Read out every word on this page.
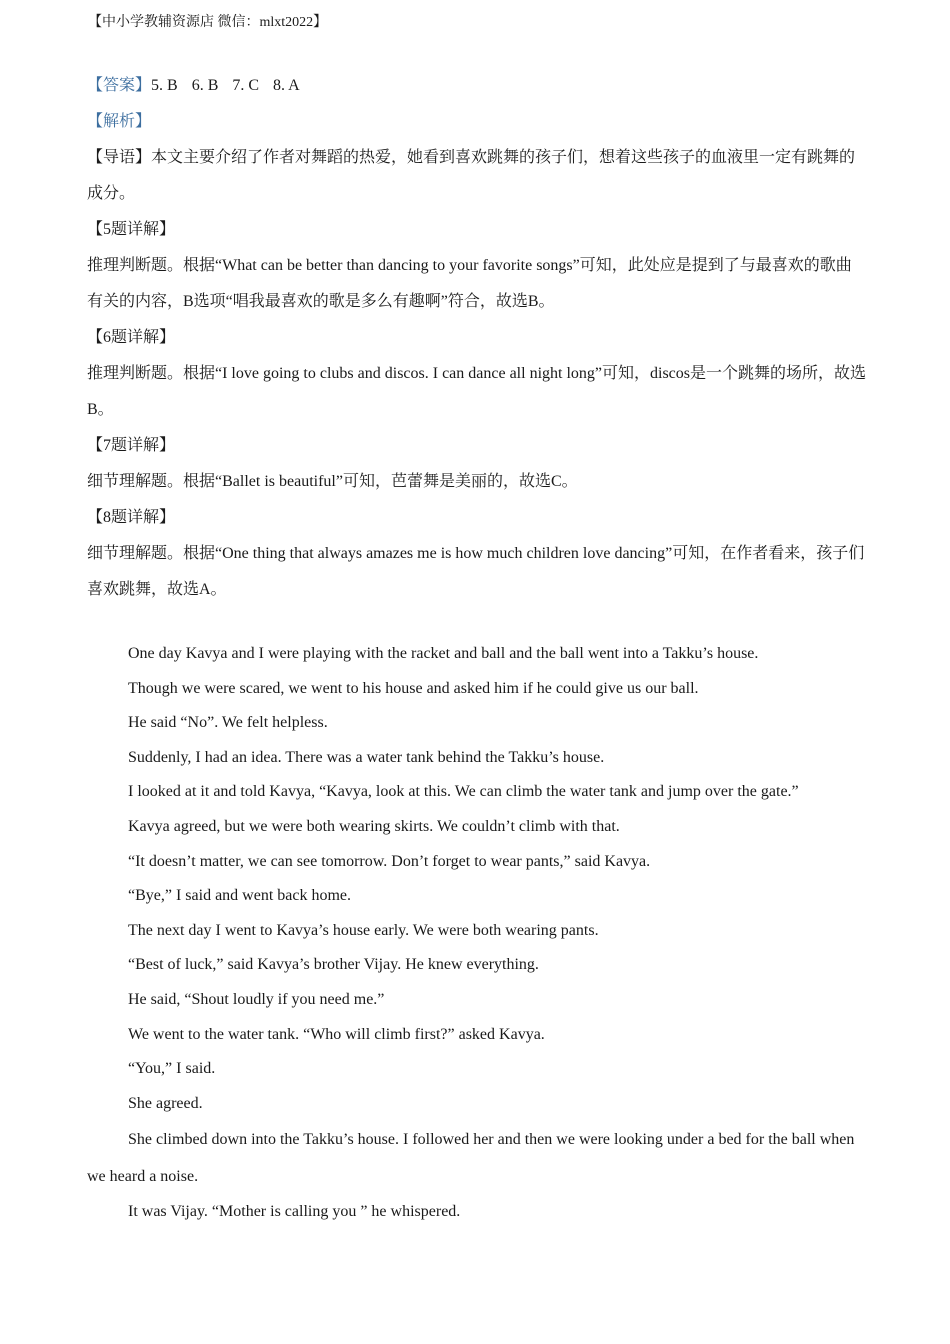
【中小学教辅资源店 微信：mlxt2022】
【答案】5. B 6. B 7. C 8. A

【解析】

【导语】本文主要介绍了作者对舞蹈的热爱，她看到喜欢跳舞的孩子们，想着这些孩子的血液里一定有跳舞的成分。

【5题详解】

推理判断题。根据“What can be better than dancing to your favorite songs”可知，此处应是提到了与最喜欢的歌曲有关的内容，B选项“唱我最喜欢的歌是多么有趣啊”符合，故选B。

【6题详解】

推理判断题。根据“I love going to clubs and discos. I can dance all night long”可知，discos是一个跳舞的场所，故选B。

【7题详解】

细节理解题。根据“Ballet is beautiful”可知，芭蕾舞是美丽的，故选C。

【8题详解】

细节理解题。根据“One thing that always amazes me is how much children love dancing”可知，在作者看来，孩子们喜欢跳舞，故选A。

One day Kavya and I were playing with the racket and ball and the ball went into a Takku’s house.

Though we were scared, we went to his house and asked him if he could give us our ball.

He said “No”. We felt helpless.

Suddenly, I had an idea. There was a water tank behind the Takku’s house.

I looked at it and told Kavya, “Kavya, look at this. We can climb the water tank and jump over the gate.”

Kavya agreed, but we were both wearing skirts. We couldn’t climb with that.

“It doesn’t matter, we can see tomorrow. Don’t forget to wear pants,” said Kavya.

“Bye,” I said and went back home.

The next day I went to Kavya’s house early. We were both wearing pants.

“Best of luck,” said Kavya’s brother Vijay. He knew everything.

He said, “Shout loudly if you need me.”

We went to the water tank. “Who will climb first?” asked Kavya.

“You,” I said.

She agreed.

She climbed down into the Takku’s house. I followed her and then we were looking under a bed for the ball when we heard a noise.

It was Vijay. “Mother is calling you ” he whispered.
